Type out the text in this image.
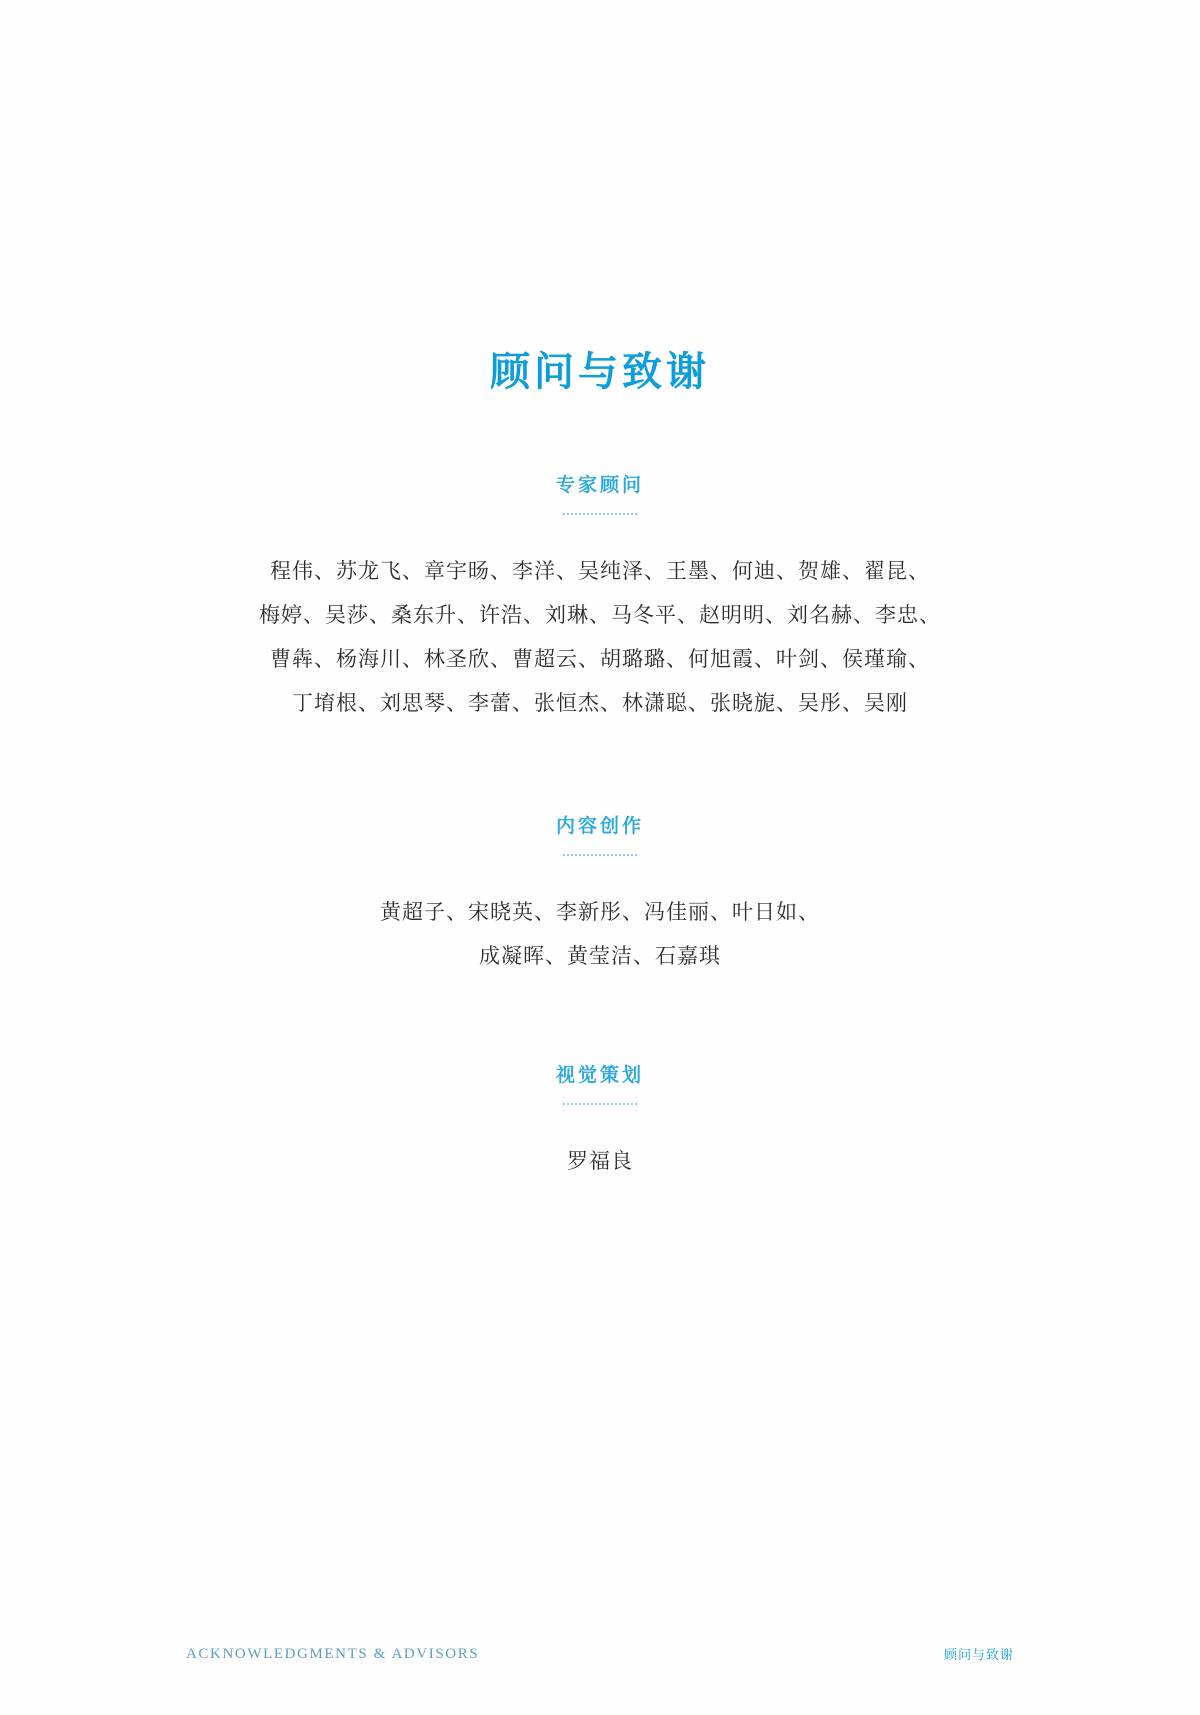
顾问与致谢
专家顾问
程伟、苏龙飞、章宇旸、李洋、吴纯泽、王墨、何迪、贺雄、翟昆、
梅婷、吴莎、桑东升、许浩、刘琳、马冬平、赵明明、刘名赫、李忠、
曹犇、杨海川、林圣欣、曹超云、胡璐璐、何旭霞、叶剑、侯瑾瑜、
丁堉根、刘思琴、李蕾、张恒杰、林潇聪、张晓旎、吴彤、吴刚
内容创作
黄超子、宋晓英、李新彤、冯佳丽、叶日如、
成凝晖、黄莹洁、石嘉琪
视觉策划
罗福良
ACKNOWLEDGMENTS & ADVISORS	顾问与致谢
